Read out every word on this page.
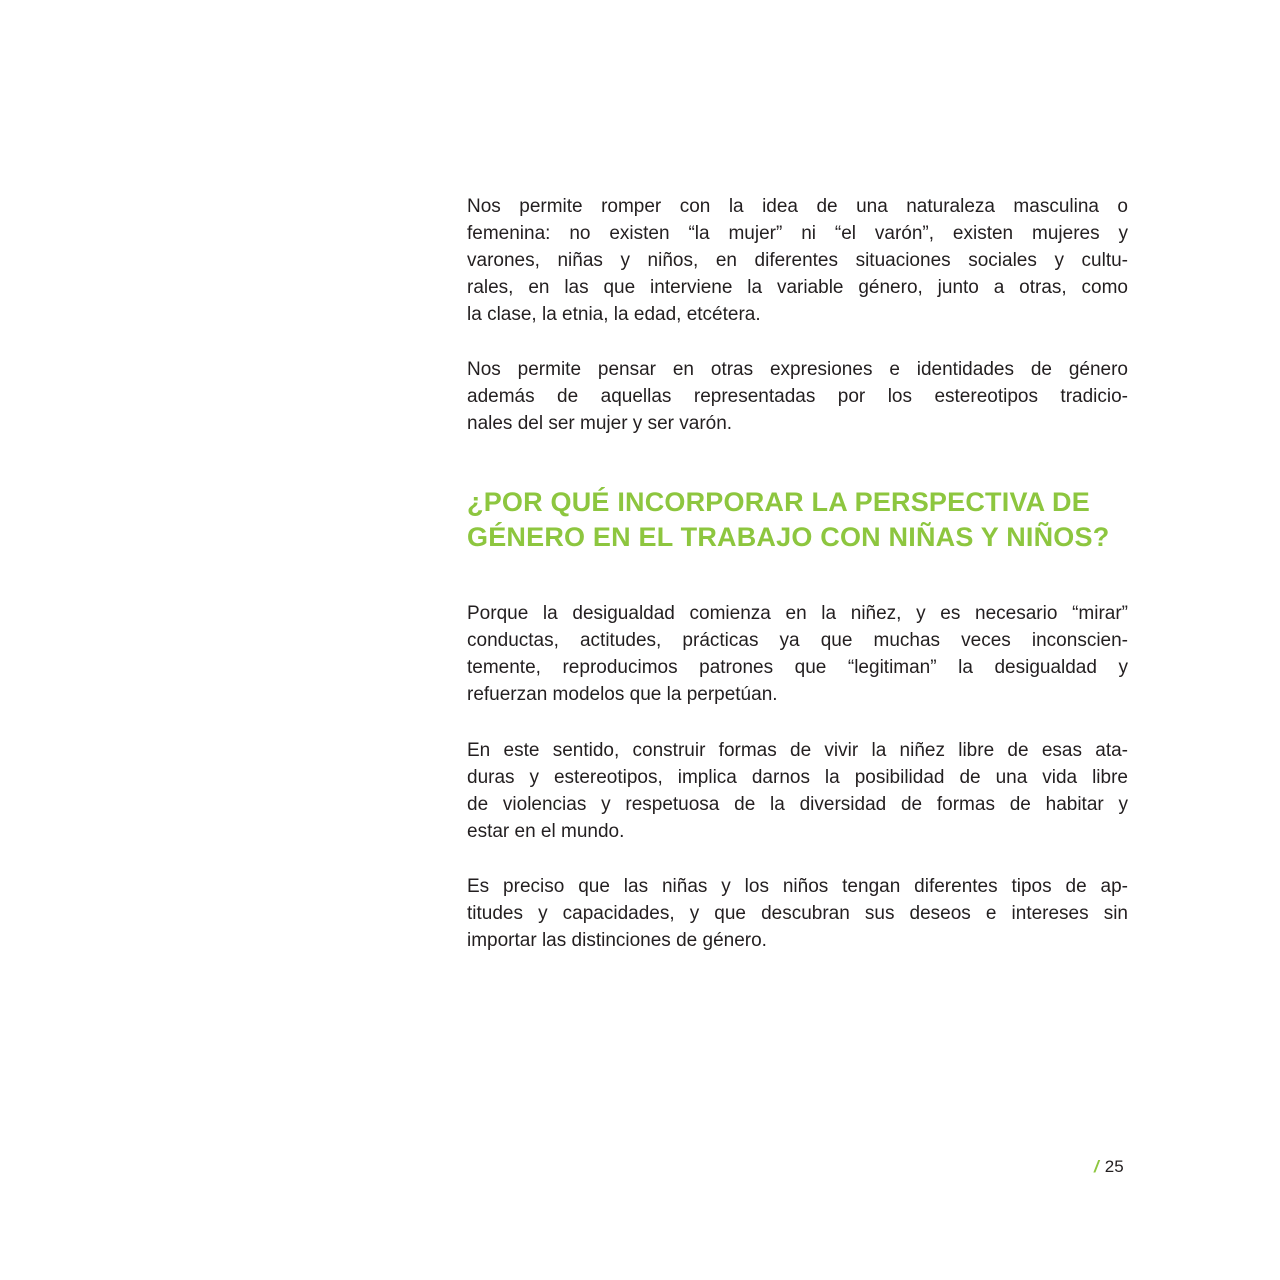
Nos permite romper con la idea de una naturaleza masculina o
femenina: no existen “la mujer” ni “el varón”, existen mujeres y
varones, niñas y niños, en diferentes situaciones sociales y cultu-
rales, en las que interviene la variable género, junto a otras, como
la clase, la etnia, la edad, etcétera.
Nos permite pensar en otras expresiones e identidades de género
además de aquellas representadas por los estereotipos tradicio-
nales del ser mujer y ser varón.
¿POR QUÉ INCORPORAR LA PERSPECTIVA DE
GÉNERO EN EL TRABAJO CON NIÑAS Y NIÑOS?
Porque la desigualdad comienza en la niñez, y es necesario “mirar”
conductas, actitudes, prácticas ya que muchas veces inconscien-
temente, reproducimos patrones que “legitiman” la desigualdad y
refuerzan modelos que la perpetúan.
En este sentido, construir formas de vivir la niñez libre de esas ata-
duras y estereotipos, implica darnos la posibilidad de una vida libre
de violencias y respetuosa de la diversidad de formas de habitar y
estar en el mundo.
Es preciso que las niñas y los niños tengan diferentes tipos de ap-
titudes y capacidades, y que descubran sus deseos e intereses sin
importar las distinciones de género.
/ 25
